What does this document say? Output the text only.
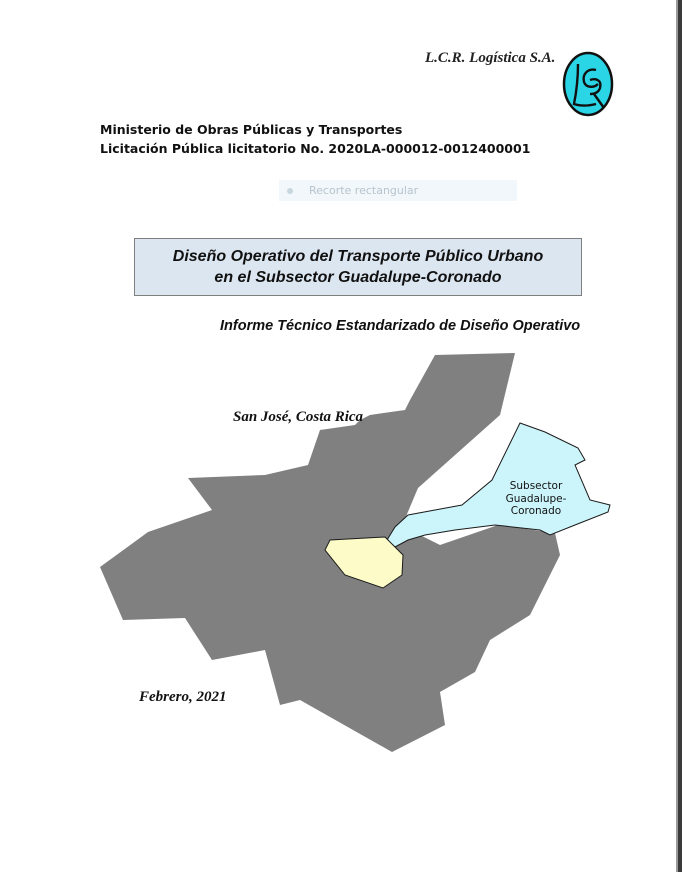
L.C.R. Logística S.A.
Ministerio de Obras Públicas y Transportes
Licitación Pública licitatorio No. 2020LA-000012-0012400001
Recorte rectangular
Diseño Operativo del Transporte Público Urbano
en el Subsector Guadalupe-Coronado
Informe Técnico Estandarizado de Diseño Operativo
San José, Costa Rica
Subsector
Guadalupe-
Coronado
Febrero, 2021
